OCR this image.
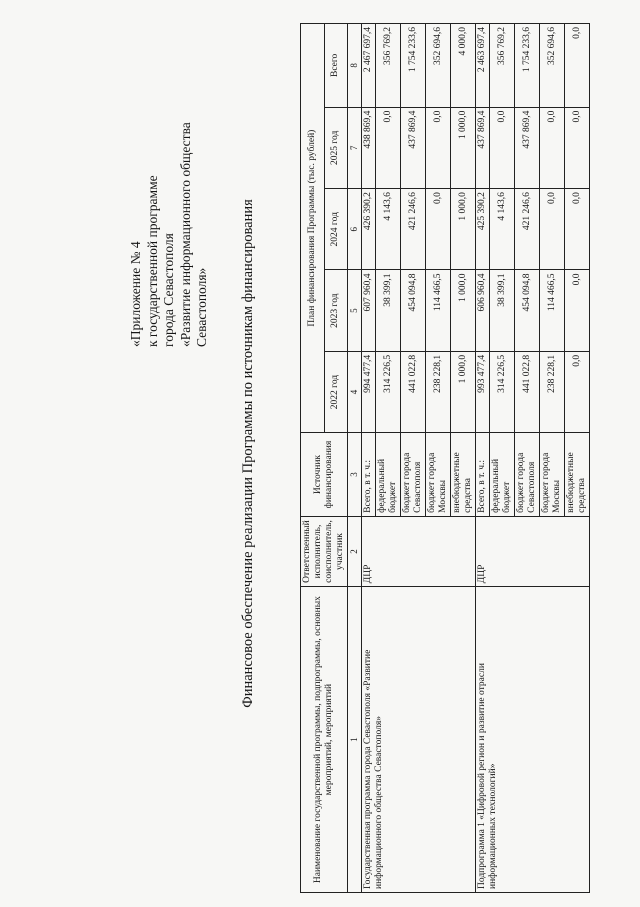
«Приложение № 4 к государственной программе города Севастополя «Развитие информационного общества Севастополя» Финансовое обеспечение реализации Программы по источникам финансирования
Наименование государственной программы, подпрограммы, основных мероприятий, мероприятий	Ответственный исполнитель, соисполнитель, участник	Источник финансирования	План финансирования Программы (тыс. рублей)				
			2022 год	2023 год	2024 год	2025 год	Всего
1	2	3	4	5	6	7	8
Государственная программа города Севастополя «Развитие информационного общества Севастополя»	ДЦР	Всего, в т. ч.:	994 477,4	607 960,4	426 390,2	438 869,4	2 467 697,4
		федеральный бюджет	314 226,5	38 399,1	4 143,6	0,0	356 769,2
		бюджет города Севастополя	441 022,8	454 094,8	421 246,6	437 869,4	1 754 233,6
		бюджет города Москвы	238 228,1	114 466,5	0,0	0,0	352 694,6
		внебюджетные средства	1 000,0	1 000,0	1 000,0	1 000,0	4 000,0
Подпрограмма 1 «Цифровой регион и развитие отрасли информационных технологий»	ДЦР	Всего, в т. ч.:	993 477,4	606 960,4	425 390,2	437 869,4	2 463 697,4
		федеральный бюджет	314 226,5	38 399,1	4 143,6	0,0	356 769,2
		бюджет города Севастополя	441 022,8	454 094,8	421 246,6	437 869,4	1 754 233,6
		бюджет города Москвы	238 228,1	114 466,5	0,0	0,0	352 694,6
		внебюджетные средства	0,0	0,0	0,0	0,0	0,0
